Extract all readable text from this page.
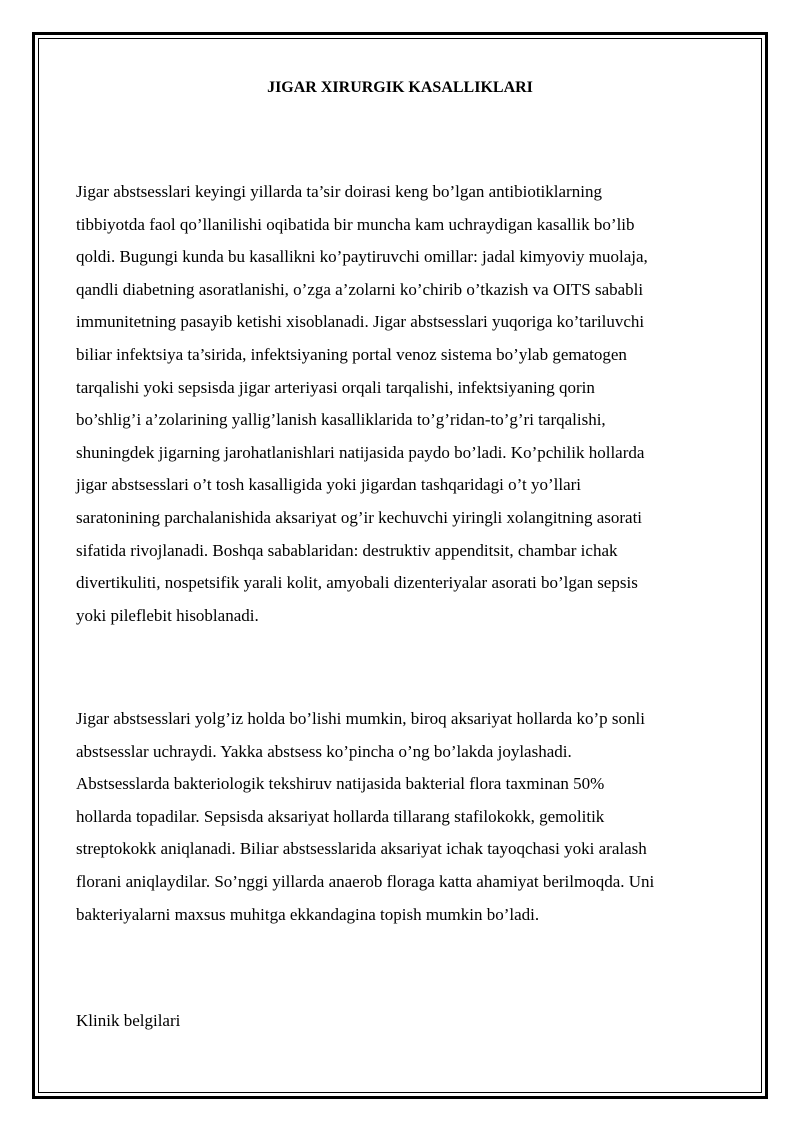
JIGAR XIRURGIK KASALLIKLARI

Jigar abstsesslari keyingi yillarda ta’sir doirasi keng bo’lgan antibiotiklarning
tibbiyotda faol qo’llanilishi oqibatida bir muncha kam uchraydigan kasallik bo’lib
qoldi. Bugungi kunda bu kasallikni ko’paytiruvchi omillar: jadal kimyoviy muolaja,
qandli diabetning asoratlanishi, o’zga a’zolarni ko’chirib o’tkazish va OITS sababli
immunitetning pasayib ketishi xisoblanadi. Jigar abstsesslari yuqoriga ko’tariluvchi
biliar infektsiya ta’sirida, infektsiyaning portal venoz sistema bo’ylab gematogen
tarqalishi yoki sepsisda jigar arteriyasi orqali tarqalishi, infektsiyaning qorin
bo’shlig’i a’zolarining yallig’lanish kasalliklarida to’g’ridan-to’g’ri tarqalishi,
shuningdek jigarning jarohatlanishlari natijasida paydo bo’ladi. Ko’pchilik hollarda
jigar abstsesslari o’t tosh kasalligida yoki jigardan tashqaridagi o’t yo’llari
saratonining parchalanishida aksariyat og’ir kechuvchi yiringli xolangitning asorati
sifatida rivojlanadi. Boshqa sabablaridan: destruktiv appenditsit, chambar ichak
divertikuliti, nospetsifik yarali kolit, amyobali dizenteriyalar asorati bo’lgan sepsis
yoki pileflebit hisoblanadi.

Jigar abstsesslari yolg’iz holda bo’lishi mumkin, biroq aksariyat hollarda ko’p sonli
abstsesslar uchraydi. Yakka abstsess ko’pincha o’ng bo’lakda joylashadi.
Abstsesslarda bakteriologik tekshiruv natijasida bakterial flora taxminan 50%
hollarda topadilar. Sepsisda aksariyat hollarda tillarang stafilokokk, gemolitik
streptokokk aniqlanadi. Biliar abstsesslarida aksariyat ichak tayoqchasi yoki aralash
florani aniqlaydilar. So’nggi yillarda anaerob floraga katta ahamiyat berilmoqda. Uni
bakteriyalarni maxsus muhitga ekkandagina topish mumkin bo’ladi.

Klinik belgilari
